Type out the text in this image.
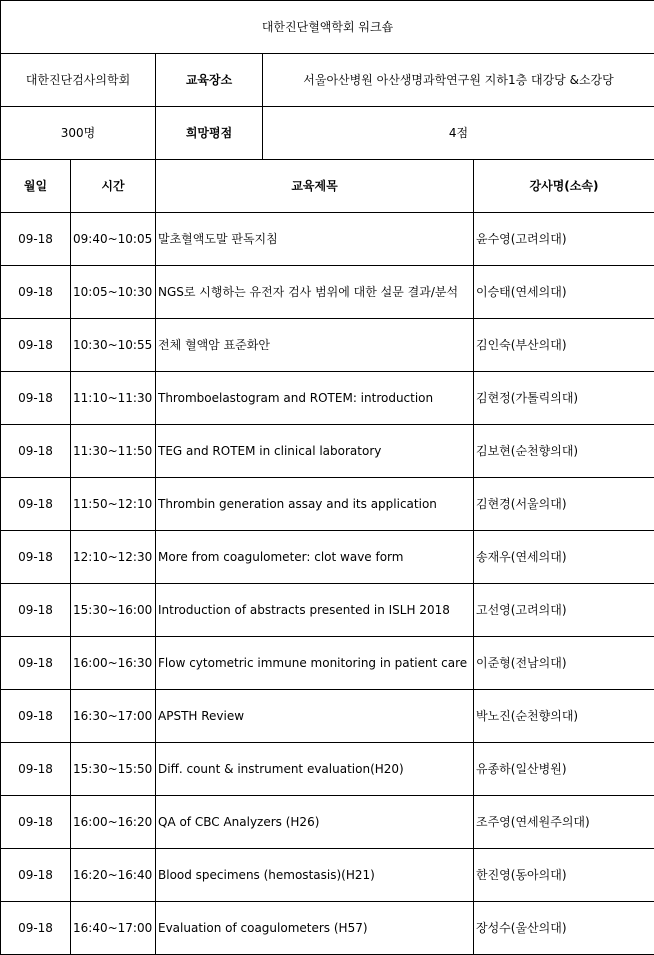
대한진단혈액학회 워크숍				
대한진단검사의학회		교육장소	서울아산병원 아산생명과학연구원 지하1층 대강당 &소강당	
300명		희망평점	4점	
월일	시간	교육제목		강사명(소속)
09-18	09:40~10:05	말초혈액도말 판독지침		윤수영(고려의대)
09-18	10:05~10:30	NGS로 시행하는 유전자 검사 범위에 대한 설문 결과/분석		이승태(연세의대)
09-18	10:30~10:55	전체 혈액암 표준화안		김인숙(부산의대)
09-18	11:10~11:30	Thromboelastogram and ROTEM: introduction		김현정(가톨릭의대)
09-18	11:30~11:50	TEG and ROTEM in clinical laboratory		김보현(순천향의대)
09-18	11:50~12:10	Thrombin generation assay and its application		김현경(서울의대)
09-18	12:10~12:30	More from coagulometer: clot wave form		송재우(연세의대)
09-18	15:30~16:00	Introduction of abstracts presented in ISLH 2018		고선영(고려의대)
09-18	16:00~16:30	Flow cytometric immune monitoring in patient care		이준형(전남의대)
09-18	16:30~17:00	APSTH Review		박노진(순천향의대)
09-18	15:30~15:50	Diff. count & instrument evaluation(H20)		유종하(일산병원)
09-18	16:00~16:20	QA of CBC Analyzers (H26)		조주영(연세원주의대)
09-18	16:20~16:40	Blood specimens (hemostasis)(H21)		한진영(동아의대)
09-18	16:40~17:00	Evaluation of coagulometers (H57)		장성수(울산의대)
